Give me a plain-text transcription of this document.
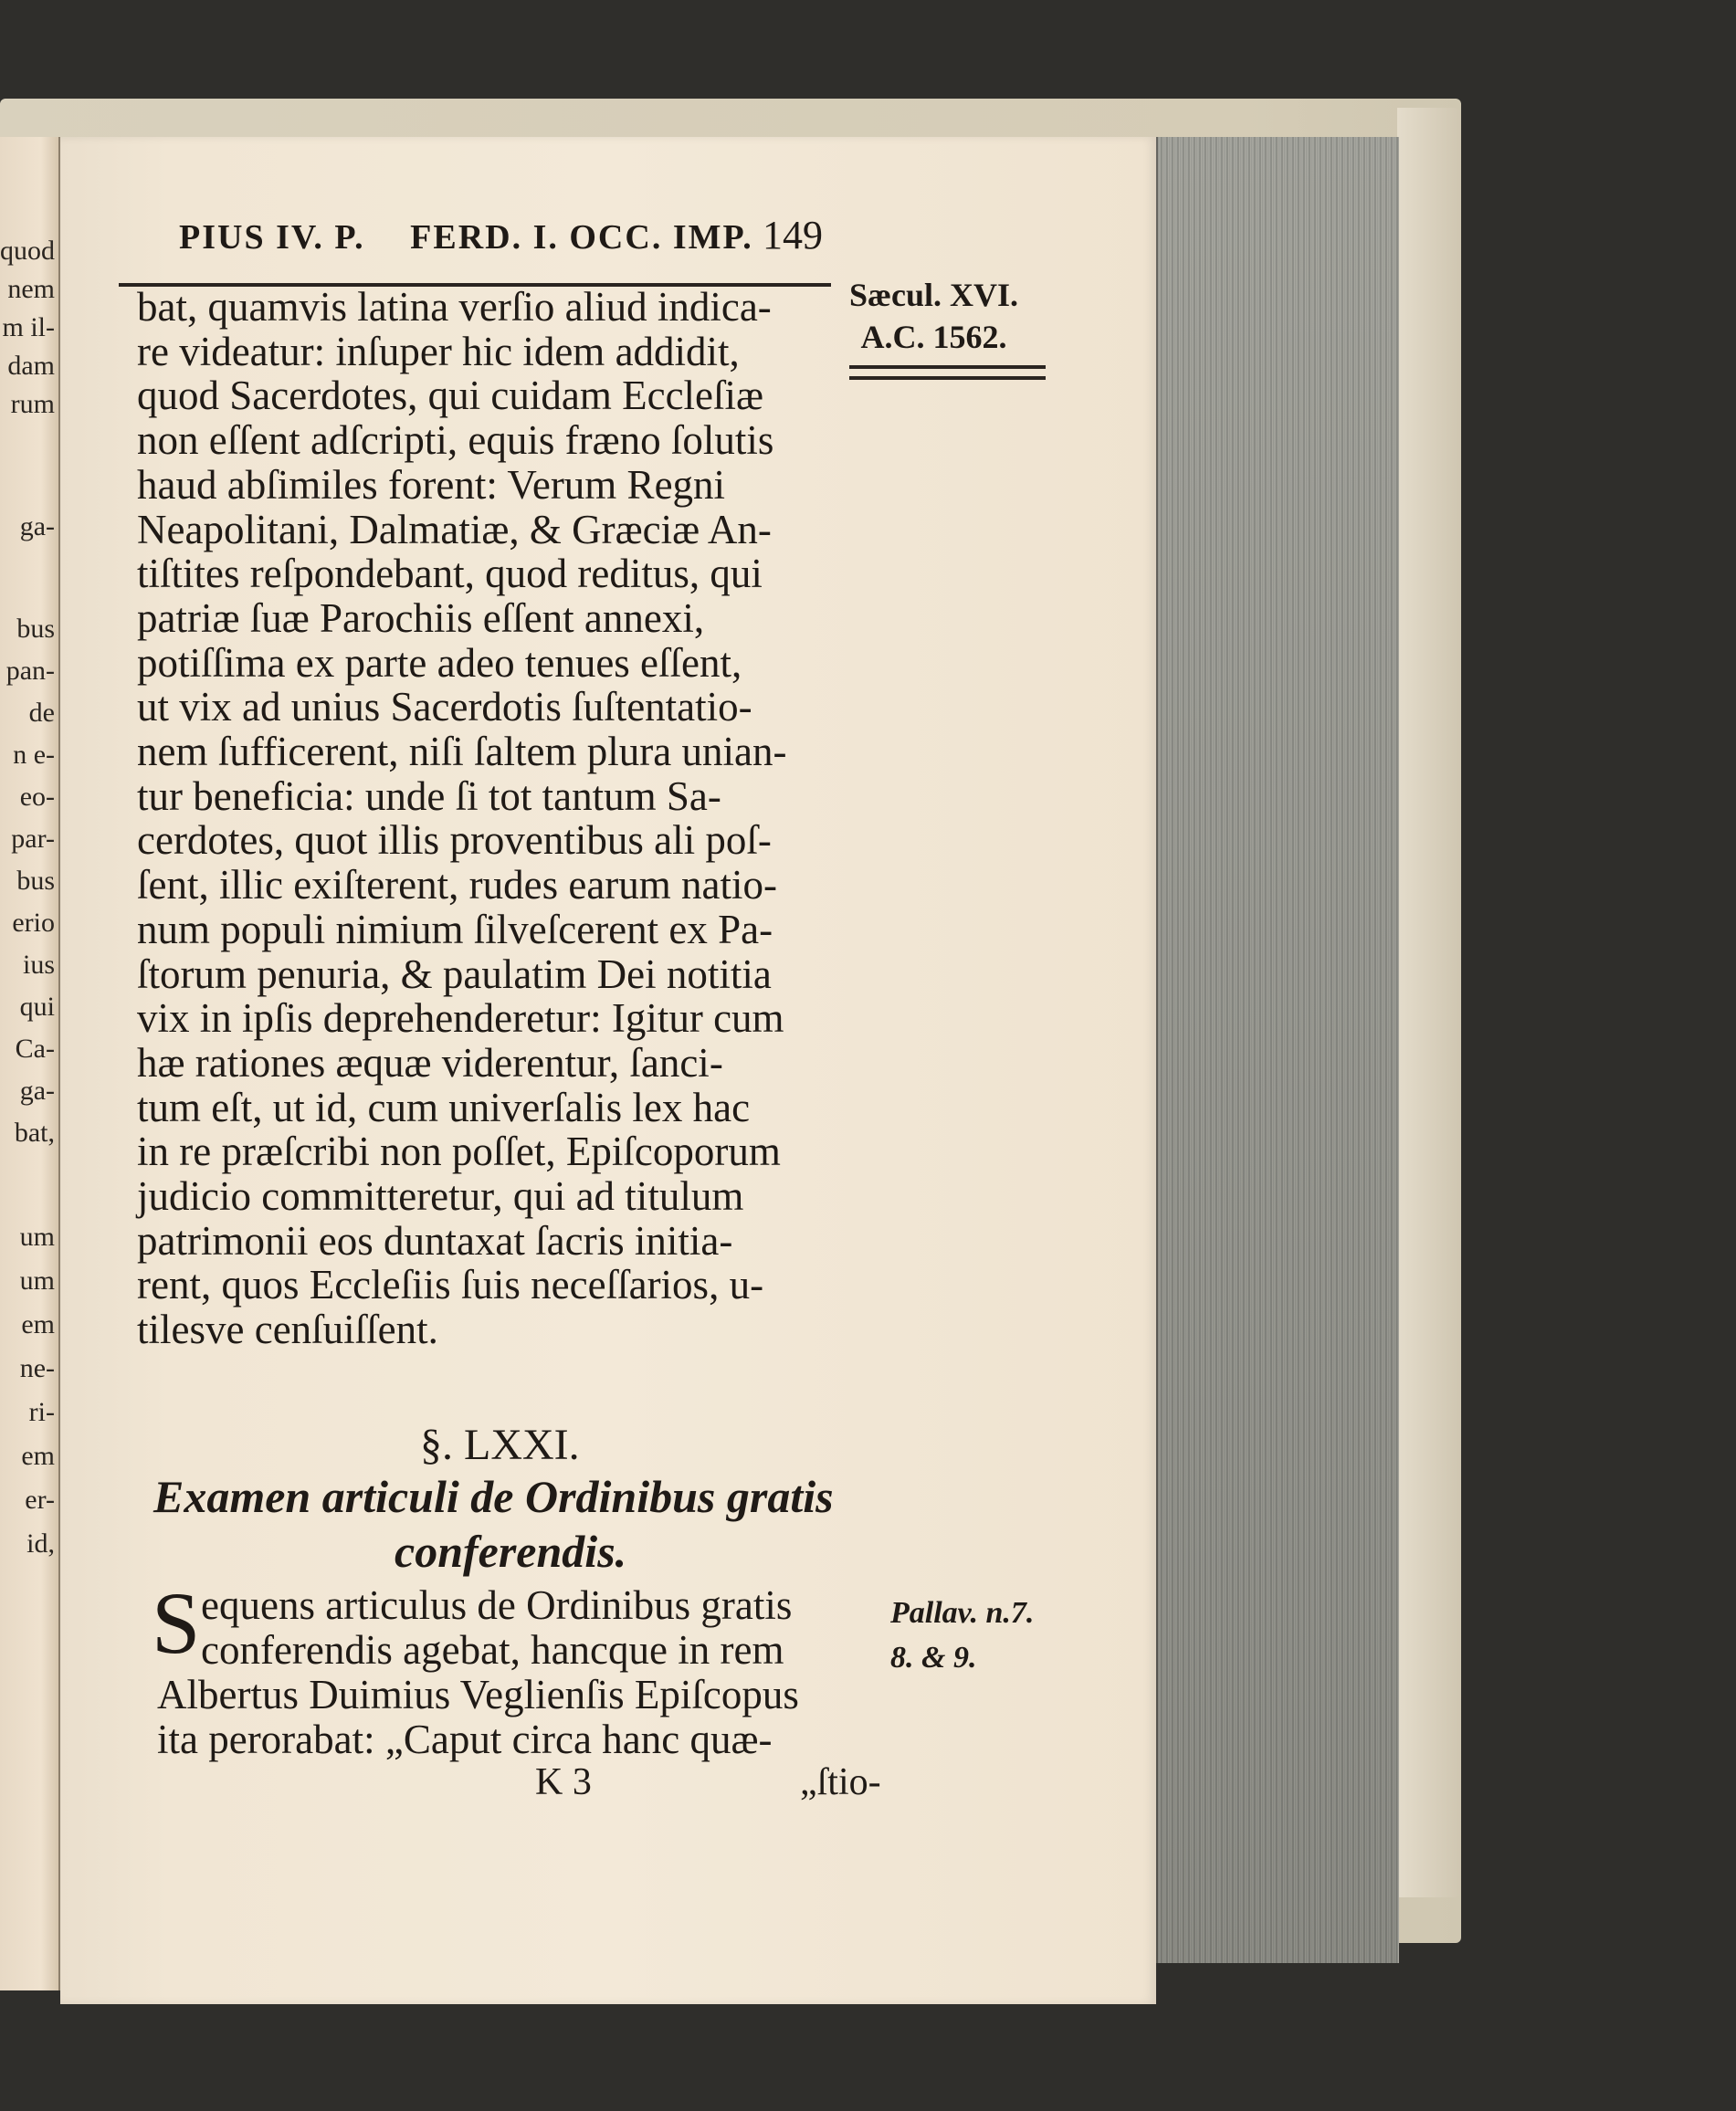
quod
nem
m il-
dam
rum
ga-
bus
pan-
de
n e-
eo-
par-
bus
erio
ius
qui
Ca-
ga-
bat,
um
um
em
ne-
ri-
em
er-
id,
PIUS IV. P. FERD. I. OCC. IMP. 149
Sæcul. XVI.
A.C. 1562.
bat, quamvis latina verſio aliud indica-
re videatur: inſuper hic idem addidit,
quod Sacerdotes, qui cuidam Eccleſiæ
non eſſent adſcripti, equis fræno ſolutis
haud abſimiles forent: Verum Regni
Neapolitani, Dalmatiæ, & Græciæ An-
tiſtites reſpondebant, quod reditus, qui
patriæ ſuæ Parochiis eſſent annexi,
potiſſima ex parte adeo tenues eſſent,
ut vix ad unius Sacerdotis ſuſtentatio-
nem ſufficerent, niſi ſaltem plura unian-
tur beneficia: unde ſi tot tantum Sa-
cerdotes, quot illis proventibus ali poſ-
ſent, illic exiſterent, rudes earum natio-
num populi nimium ſilveſcerent ex Pa-
ſtorum penuria, & paulatim Dei notitia
vix in ipſis deprehenderetur: Igitur cum
hæ rationes æquæ viderentur, ſanci-
tum eſt, ut id, cum univerſalis lex hac
in re præſcribi non poſſet, Epiſcoporum
judicio committeretur, qui ad titulum
patrimonii eos duntaxat ſacris initia-
rent, quos Eccleſiis ſuis neceſſarios, u-
tilesve cenſuiſſent.
§. LXXI.
Examen articuli de Ordinibus gratis
conferendis.
S equens articulus de Ordinibus gratis
conferendis agebat, hancque in rem
Albertus Duimius Veglienſis Epiſcopus
ita perorabat: „Caput circa hanc quæ-
Pallav. n.7.
8. & 9.
K 3	„ſtio-
